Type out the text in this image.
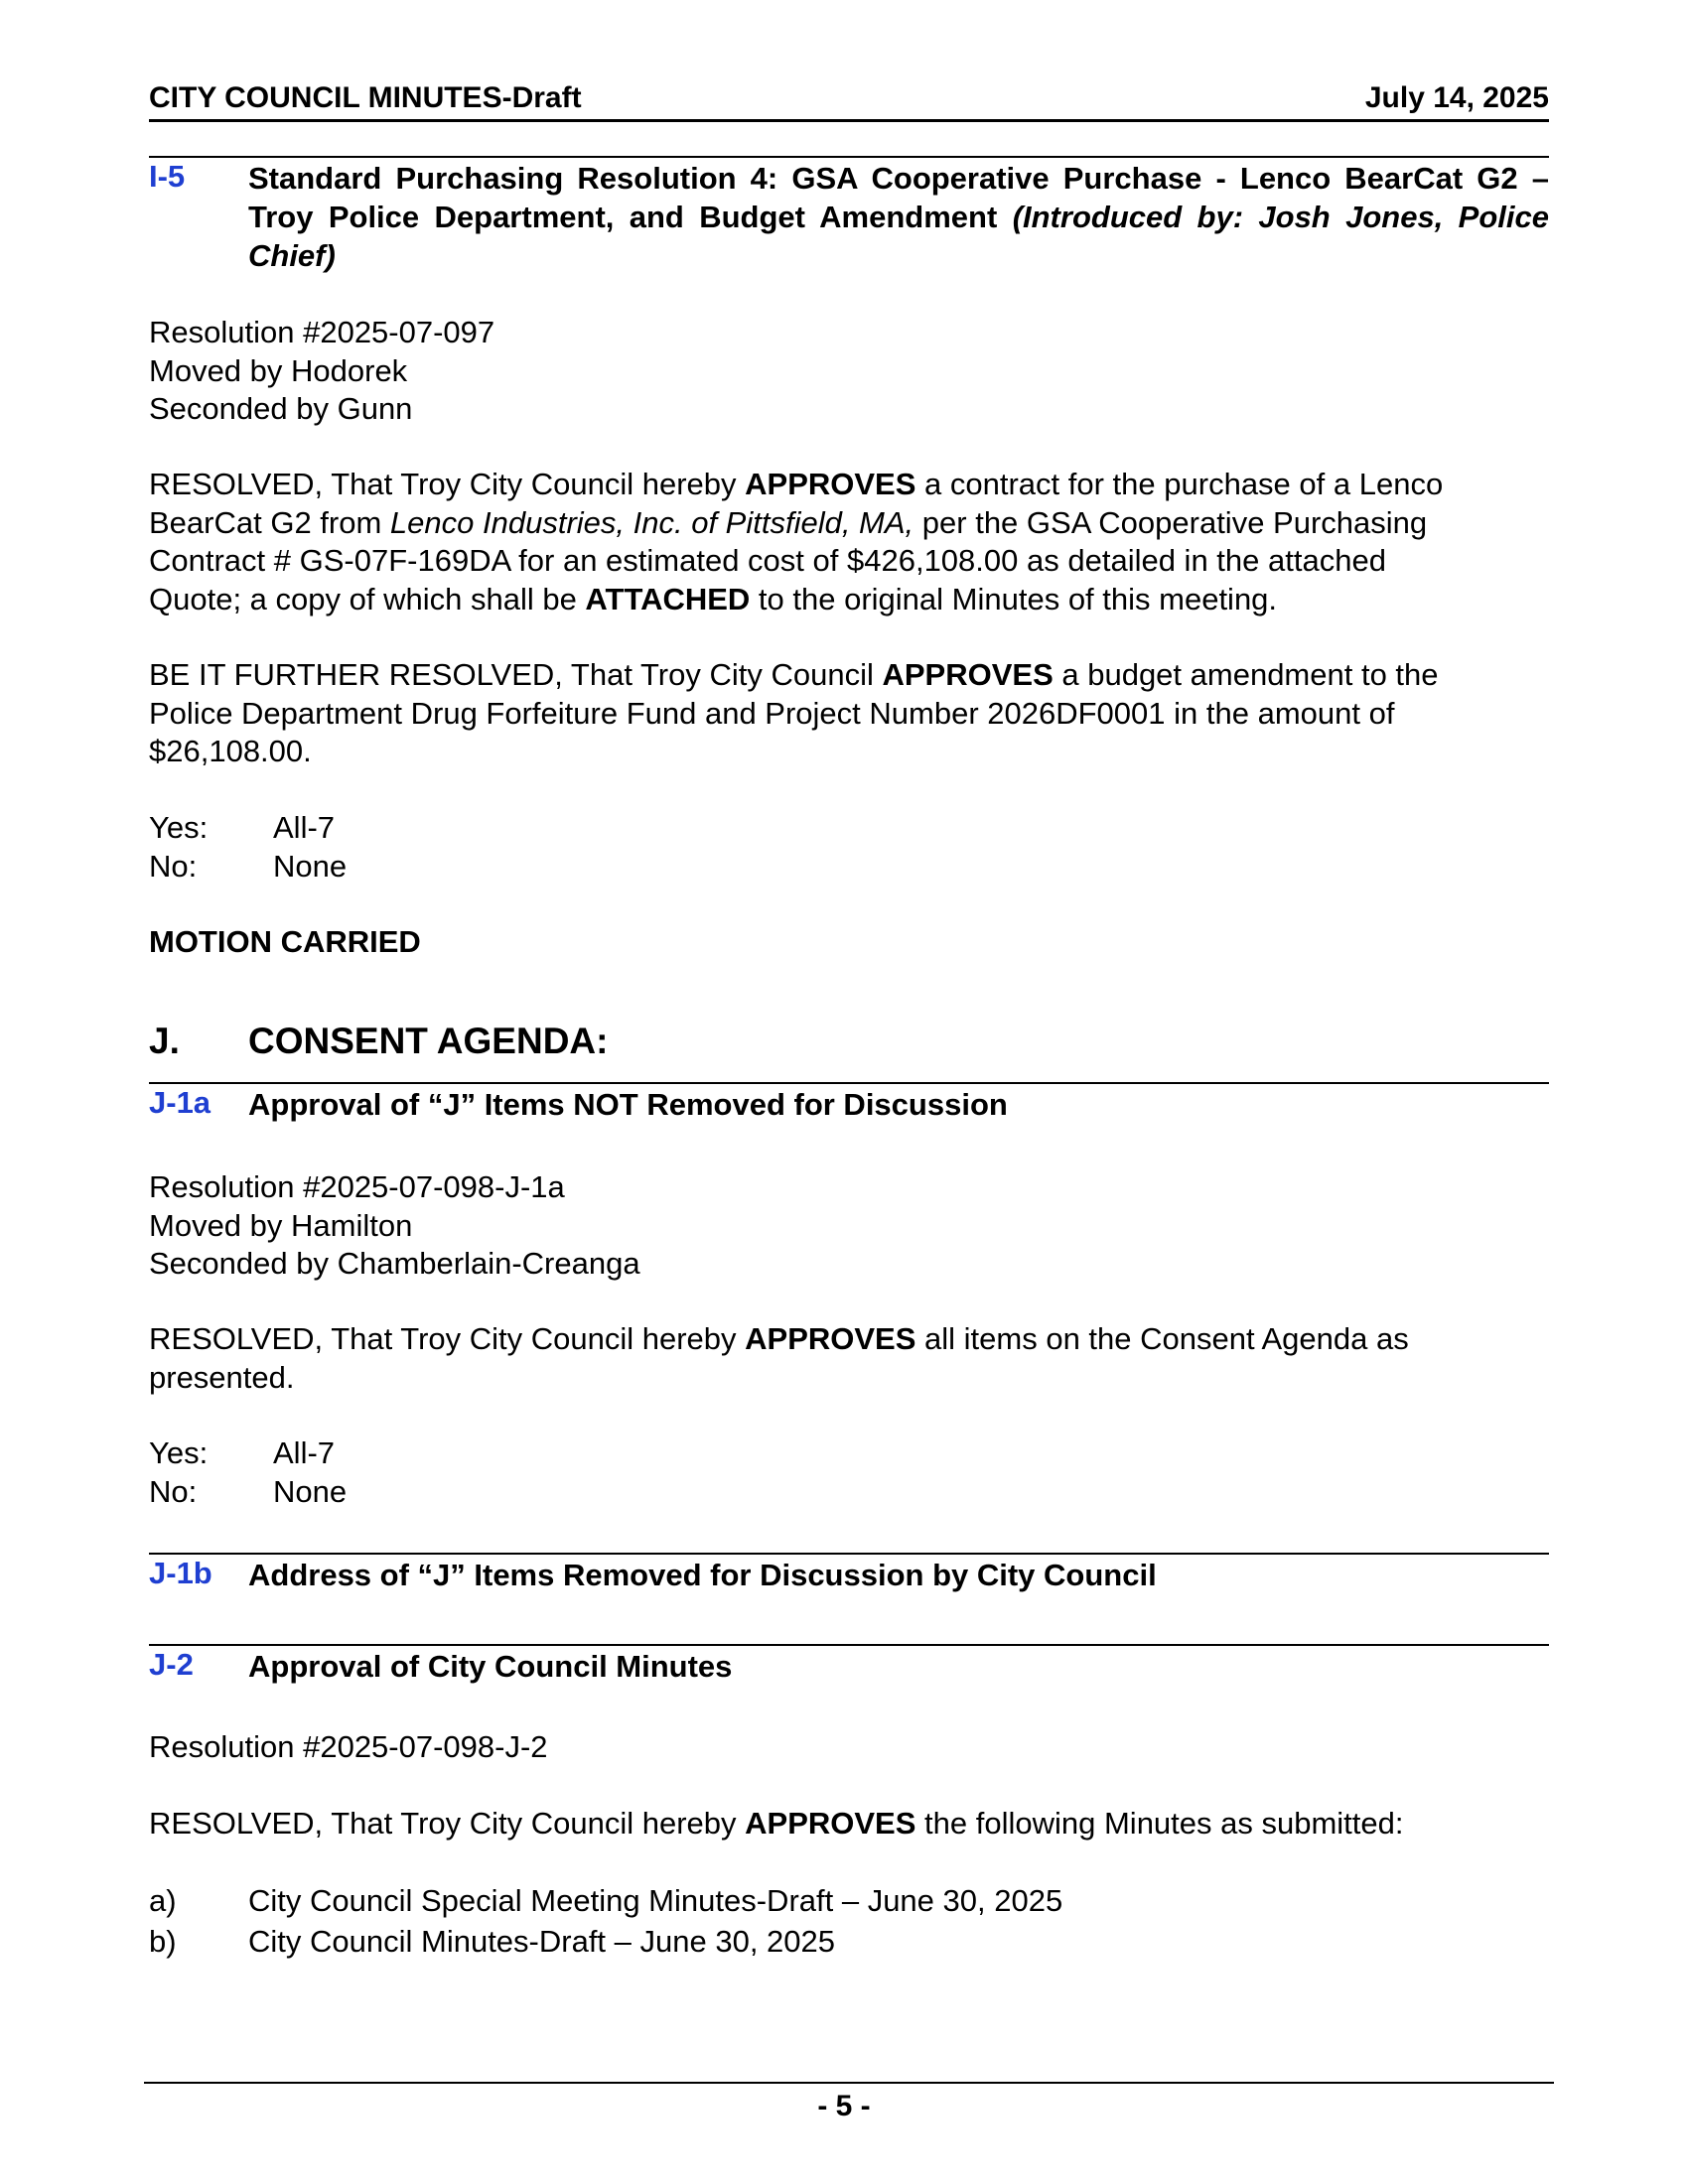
CITY COUNCIL MINUTES-Draft	July 14, 2025
I-5 Standard Purchasing Resolution 4: GSA Cooperative Purchase - Lenco BearCat G2 – Troy Police Department, and Budget Amendment (Introduced by: Josh Jones, Police Chief)
Resolution #2025-07-097
Moved by Hodorek
Seconded by Gunn
RESOLVED, That Troy City Council hereby APPROVES a contract for the purchase of a Lenco
BearCat G2 from Lenco Industries, Inc. of Pittsfield, MA, per the GSA Cooperative Purchasing
Contract # GS-07F-169DA for an estimated cost of $426,108.00 as detailed in the attached
Quote; a copy of which shall be ATTACHED to the original Minutes of this meeting.
BE IT FURTHER RESOLVED, That Troy City Council APPROVES a budget amendment to the
Police Department Drug Forfeiture Fund and Project Number 2026DF0001 in the amount of
$26,108.00.
Yes: All-7
No: None
MOTION CARRIED
J. CONSENT AGENDA:
J-1a Approval of “J” Items NOT Removed for Discussion
Resolution #2025-07-098-J-1a
Moved by Hamilton
Seconded by Chamberlain-Creanga
RESOLVED, That Troy City Council hereby APPROVES all items on the Consent Agenda as
presented.
Yes: All-7
No: None
J-1b Address of “J” Items Removed for Discussion by City Council
J-2 Approval of City Council Minutes
Resolution #2025-07-098-J-2
RESOLVED, That Troy City Council hereby APPROVES the following Minutes as submitted:
a) City Council Special Meeting Minutes-Draft – June 30, 2025
b) City Council Minutes-Draft – June 30, 2025
- 5 -
